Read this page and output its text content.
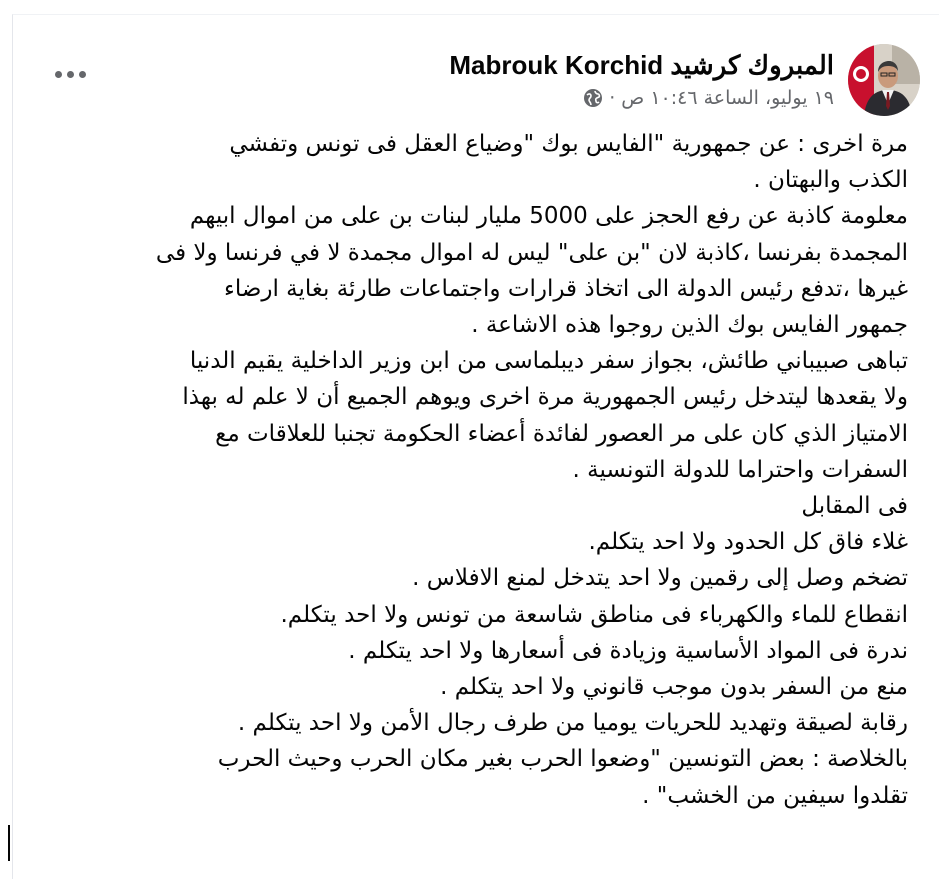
المبروك كرشيد Mabrouk Korchid
١٩ يوليو، الساعة ١٠:٤٦ ص
·
مرة اخرى : عن جمهورية "الفايس بوك "وضياع العقل فى تونس وتفشي
الكذب والبهتان .
معلومة كاذبة عن رفع الحجز على 5000 مليار لبنات بن على من اموال ابيهم
المجمدة بفرنسا ،كاذبة لان "بن على" ليس له اموال مجمدة لا في فرنسا ولا فى
غيرها ،تدفع رئيس الدولة الى اتخاذ قرارات واجتماعات طارئة بغاية ارضاء
جمهور الفايس بوك الذين روجوا هذه الاشاعة .
تباهى صبيباني طائش، بجواز سفر ديبلماسى من ابن وزير الداخلية يقيم الدنيا
ولا يقعدها ليتدخل رئيس الجمهورية مرة اخرى ويوهم الجميع أن لا علم له بهذا
الامتياز الذي كان على مر العصور لفائدة أعضاء الحكومة تجنبا للعلاقات مع
السفرات واحتراما للدولة التونسية .
فى المقابل
غلاء فاق كل الحدود ولا احد يتكلم.
تضخم وصل إلى رقمين ولا احد يتدخل لمنع الافلاس .
انقطاع للماء والكهرباء فى مناطق شاسعة من تونس ولا احد يتكلم.
ندرة فى المواد الأساسية وزيادة فى أسعارها ولا احد يتكلم .
منع من السفر بدون موجب قانوني ولا احد يتكلم .
رقابة لصيقة وتهديد للحريات يوميا من طرف رجال الأمن ولا احد يتكلم .
بالخلاصة : بعض التونسين "وضعوا الحرب بغير مكان الحرب وحيث الحرب
تقلدوا سيفين من الخشب" .
